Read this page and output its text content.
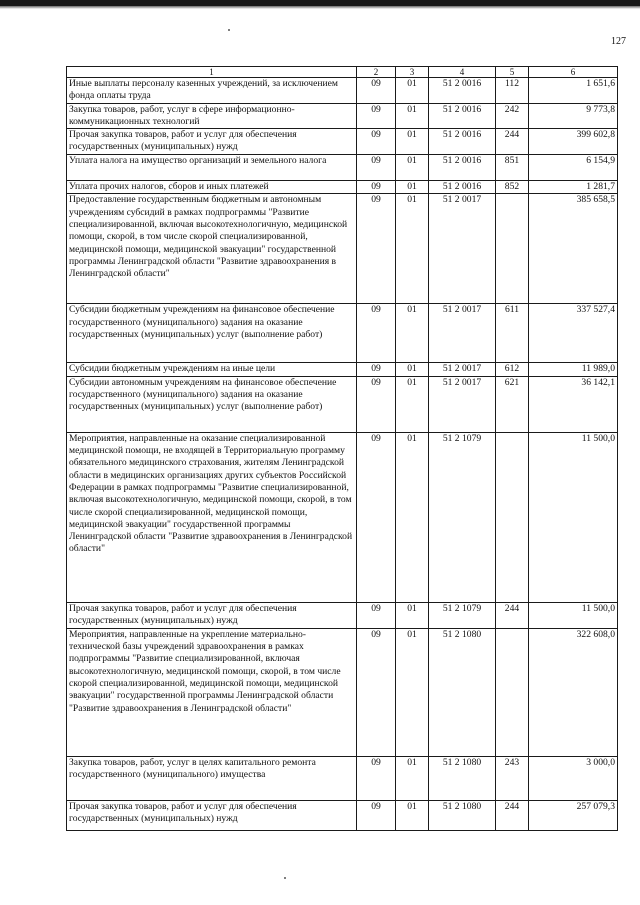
127
1	2	3	4	5	6
Иные выплаты персоналу казенных учреждений, за исключением фонда оплаты труда	09	01	51 2 0016	112	1 651,6
Закупка товаров, работ, услуг в сфере информационно-коммуникационных технологий	09	01	51 2 0016	242	9 773,8
Прочая закупка товаров, работ и услуг для обеспечения государственных (муниципальных) нужд	09	01	51 2 0016	244	399 602,8
Уплата налога на имущество организаций и земельного налога	09	01	51 2 0016	851	6 154,9
Уплата прочих налогов, сборов и иных платежей	09	01	51 2 0016	852	1 281,7
Предоставление государственным бюджетным и автономным учреждениям субсидий в рамках подпрограммы "Развитие специализированной, включая высокотехнологичную, медицинской помощи, скорой, в том числе скорой специализированной, медицинской помощи, медицинской эвакуации" государственной программы Ленинградской области "Развитие здравоохранения в Ленинградской области"	09	01	51 2 0017		385 658,5
Субсидии бюджетным учреждениям на финансовое обеспечение государственного (муниципального) задания на оказание государственных (муниципальных) услуг (выполнение работ)	09	01	51 2 0017	611	337 527,4
Субсидии бюджетным учреждениям на иные цели	09	01	51 2 0017	612	11 989,0
Субсидии автономным учреждениям на финансовое обеспечение государственного (муниципального) задания на оказание государственных (муниципальных) услуг (выполнение работ)	09	01	51 2 0017	621	36 142,1
Мероприятия, направленные на оказание специализированной медицинской помощи, не входящей в Территориальную программу обязательного медицинского страхования, жителям Ленинградской области в медицинских организациях других субъектов Российской Федерации в рамках подпрограммы "Развитие специализированной, включая высокотехнологичную, медицинской помощи, скорой, в том числе скорой специализированной, медицинской помощи, медицинской эвакуации" государственной программы Ленинградской области "Развитие здравоохранения в Ленинградской области"	09	01	51 2 1079		11 500,0
Прочая закупка товаров, работ и услуг для обеспечения государственных (муниципальных) нужд	09	01	51 2 1079	244	11 500,0
Мероприятия, направленные на укрепление материально-технической базы учреждений здравоохранения в рамках подпрограммы "Развитие специализированной, включая высокотехнологичную, медицинской помощи, скорой, в том числе скорой специализированной, медицинской помощи, медицинской эвакуации" государственной программы Ленинградской области "Развитие здравоохранения в Ленинградской области"	09	01	51 2 1080		322 608,0
Закупка товаров, работ, услуг в целях капитального ремонта государственного (муниципального) имущества	09	01	51 2 1080	243	3 000,0
Прочая закупка товаров, работ и услуг для обеспечения государственных (муниципальных) нужд	09	01	51 2 1080	244	257 079,3
